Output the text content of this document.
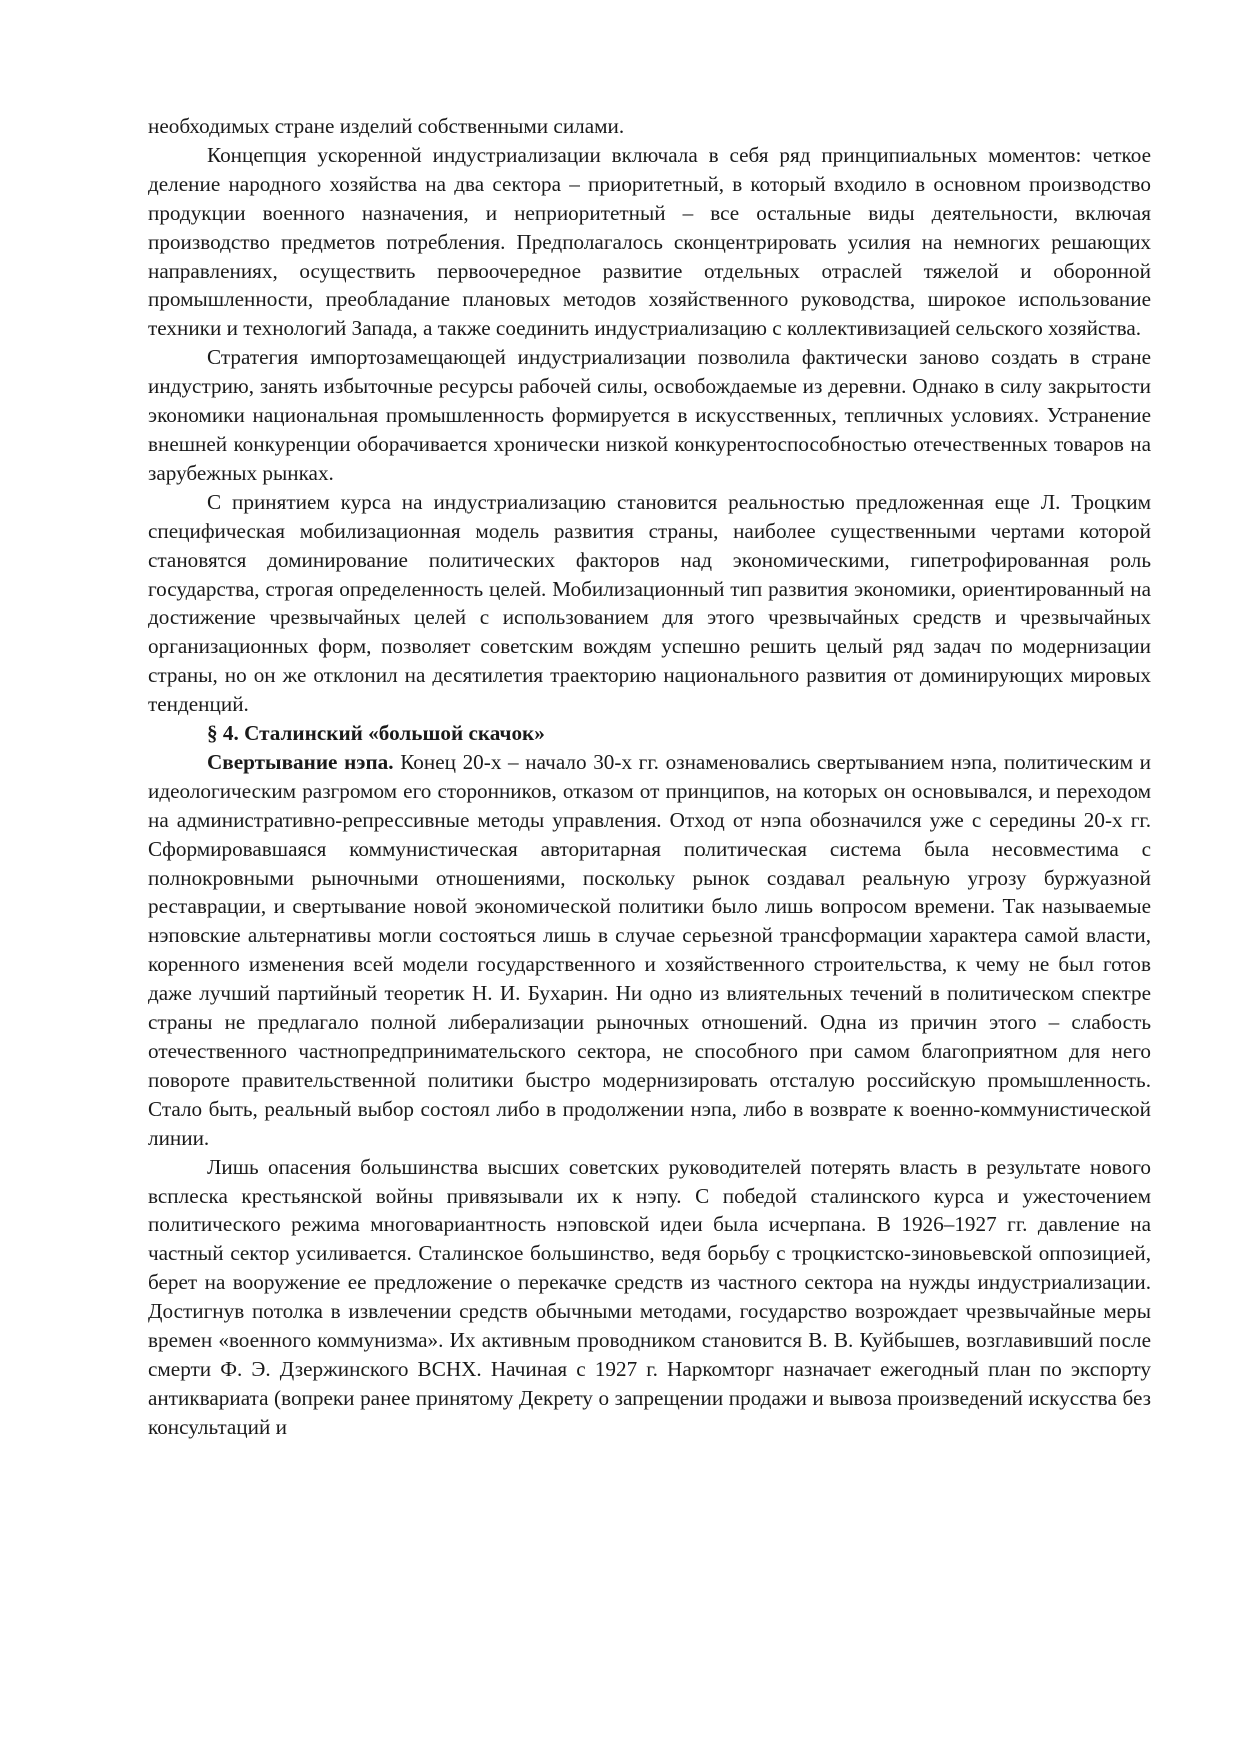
необходимых стране изделий собственными силами.

Концепция ускоренной индустриализации включала в себя ряд принципиальных моментов: четкое деление народного хозяйства на два сектора – приоритетный, в который входило в основном производство продукции военного назначения, и неприоритетный – все остальные виды деятельности, включая производство предметов потребления. Предполагалось сконцентрировать усилия на немногих решающих направлениях, осуществить первоочередное развитие отдельных отраслей тяжелой и оборонной промышленности, преобладание плановых методов хозяйственного руководства, широкое использование техники и технологий Запада, а также соединить индустриализацию с коллективизацией сельского хозяйства.

Стратегия импортозамещающей индустриализации позволила фактически заново создать в стране индустрию, занять избыточные ресурсы рабочей силы, освобождаемые из деревни. Однако в силу закрытости экономики национальная промышленность формируется в искусственных, тепличных условиях. Устранение внешней конкуренции оборачивается хронически низкой конкурентоспособностью отечественных товаров на зарубежных рынках.

С принятием курса на индустриализацию становится реальностью предложенная еще Л. Троцким специфическая мобилизационная модель развития страны, наиболее существенными чертами которой становятся доминирование политических факторов над экономическими, гипетрофированная роль государства, строгая определенность целей. Мобилизационный тип развития экономики, ориентированный на достижение чрезвычайных целей с использованием для этого чрезвычайных средств и чрезвычайных организационных форм, позволяет советским вождям успешно решить целый ряд задач по модернизации страны, но он же отклонил на десятилетия траекторию национального развития от доминирующих мировых тенденций.

§ 4. Сталинский «большой скачок»

Свертывание нэпа. Конец 20-х – начало 30-х гг. ознаменовались свертыванием нэпа, политическим и идеологическим разгромом его сторонников, отказом от принципов, на которых он основывался, и переходом на административно-репрессивные методы управления. Отход от нэпа обозначился уже с середины 20-х гг. Сформировавшаяся коммунистическая авторитарная политическая система была несовместима с полнокровными рыночными отношениями, поскольку рынок создавал реальную угрозу буржуазной реставрации, и свертывание новой экономической политики было лишь вопросом времени. Так называемые нэповские альтернативы могли состояться лишь в случае серьезной трансформации характера самой власти, коренного изменения всей модели государственного и хозяйственного строительства, к чему не был готов даже лучший партийный теоретик Н. И. Бухарин. Ни одно из влиятельных течений в политическом спектре страны не предлагало полной либерализации рыночных отношений. Одна из причин этого – слабость отечественного частнопредпринимательского сектора, не способного при самом благоприятном для него повороте правительственной политики быстро модернизировать отсталую российскую промышленность. Стало быть, реальный выбор состоял либо в продолжении нэпа, либо в возврате к военно-коммунистической линии.

Лишь опасения большинства высших советских руководителей потерять власть в результате нового всплеска крестьянской войны привязывали их к нэпу. С победой сталинского курса и ужесточением политического режима многовариантность нэповской идеи была исчерпана. В 1926–1927 гг. давление на частный сектор усиливается. Сталинское большинство, ведя борьбу с троцкистско-зиновьевской оппозицией, берет на вооружение ее предложение о перекачке средств из частного сектора на нужды индустриализации. Достигнув потолка в извлечении средств обычными методами, государство возрождает чрезвычайные меры времен «военного коммунизма». Их активным проводником становится В. В. Куйбышев, возглавивший после смерти Ф. Э. Дзержинского ВСНХ. Начиная с 1927 г. Наркомторг назначает ежегодный план по экспорту антиквариата (вопреки ранее принятому Декрету о запрещении продажи и вывоза произведений искусства без консультаций и
